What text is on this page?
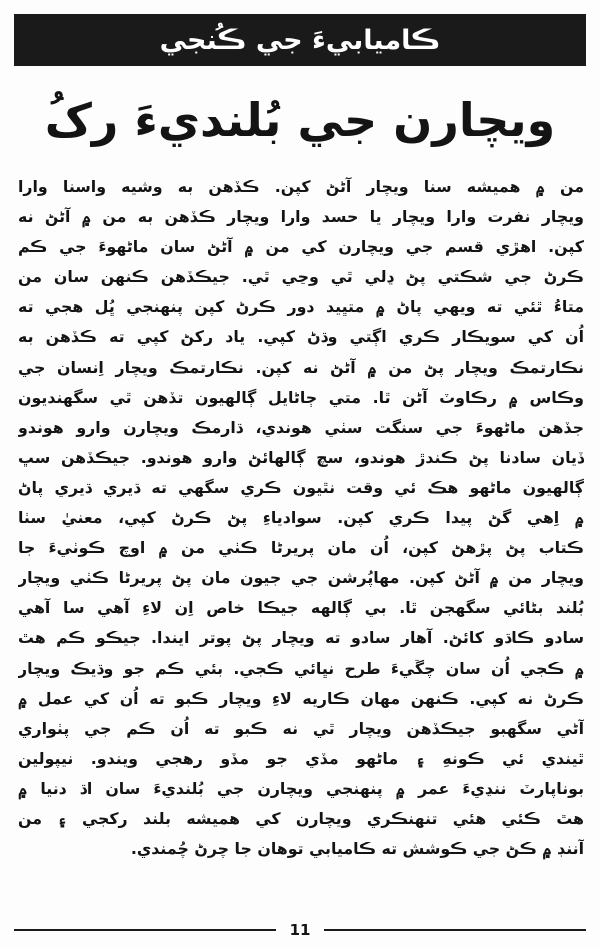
ڪاميابيءَ جي ڪُنجي
ويچارن جي بُلنديءَ رکُ
من ۾ هميشه سنا ويچار آڻڻ کپن. ڪڏهن به وشيه واسنا وارا
ويچار نفرت وارا ويچار يا حسد وارا ويچار ڪڏهن به من ۾ آڻڻ نه
کپن. اهڙي قسم جي ويچارن کي من ۾ آڻڻ سان ماڻهوءَ جي ڪم
ڪرڻ جي شڪتي پڻ ڍلي ٿي وڃي ٿي. جيڪڏهن ڪنهن سان من
متاءُ ٿئي ته ويهي پاڻ ۾ متڀيد دور ڪرڻ کپن پنهنجي ڀُل هجي ته
اُن کي سويڪار ڪري اڳتي وڌڻ کپي. ياد رکڻ کپي ته ڪڏهن به
نڪارتمڪ ويچار پڻ من ۾ آڻڻ نه کپن. نڪارتمڪ ويچار اِنسان جي
وڪاس ۾ رڪاوٽ آڻن ٿا. متي ڄاڻايل ڳالهيون تڏهن ٿي سگهنديون
جڏهن ماڻهوءَ جي سنگت سٺي هوندي، ڌارمڪ ويچارن وارو هوندو
ڏيان سادنا پڻ ڪندڙ هوندو، سچ ڳالهائڻ وارو هوندو. جيڪڏهن سڀ
ڳالهيون ماڻهو هڪ ئي وقت نٿيون ڪري سگهي ته ڌيري ڌيري پاڻ
۾ اِهي گڻ پيدا ڪري کپن. سوادياءِ پڻ ڪرڻ کپي، معنيٰ سٺا
ڪتاب پڻ پڙهڻ کپن، اُن مان پريرڻا ڪٺي من ۾ اوچ ڪوٺيءَ جا
ويچار من ۾ آڻڻ کپن. مهاپُرشن جي جيون مان پڻ پريرڻا ڪٺي ويچار
بُلند بڻائي سگهجن ٿا. بي ڳالهه جيڪا خاص اِن لاءِ آهي سا آهي
سادو ڪاڌو کائڻ. آهار سادو ته ويچار پڻ پوتر ايندا. جيڪو ڪم هٿ
۾ ڪجي اُن سان چڱيءَ طرح نڀائي ڪجي. بئي ڪم جو وڌيڪ ويچار
ڪرڻ نه کپي. ڪنهن مهان ڪاريه لاءِ ويچار ڪبو ته اُن کي عمل ۾
آڻي سگهبو جيڪڏهن ويچار ٿي نه ڪبو ته اُن ڪم جي پٺواري
ٿيندي ئي ڪونهِ ۽ ماڻهو مڏي جو مڏو رهجي ويندو. نيپولين
بوناپارٽ ننڍيءَ عمر ۾ پنهنجي ويچارن جي بُلنديءَ سان اڌ دنيا ۾
هٿ ڪئي هئي تنهنڪري ويچارن کي هميشه بلند رکجي ۽ من
آننڊ ۾ ڪڻ جي ڪوشش ته ڪاميابي توهان جا چرڻ چُمندي.
11
